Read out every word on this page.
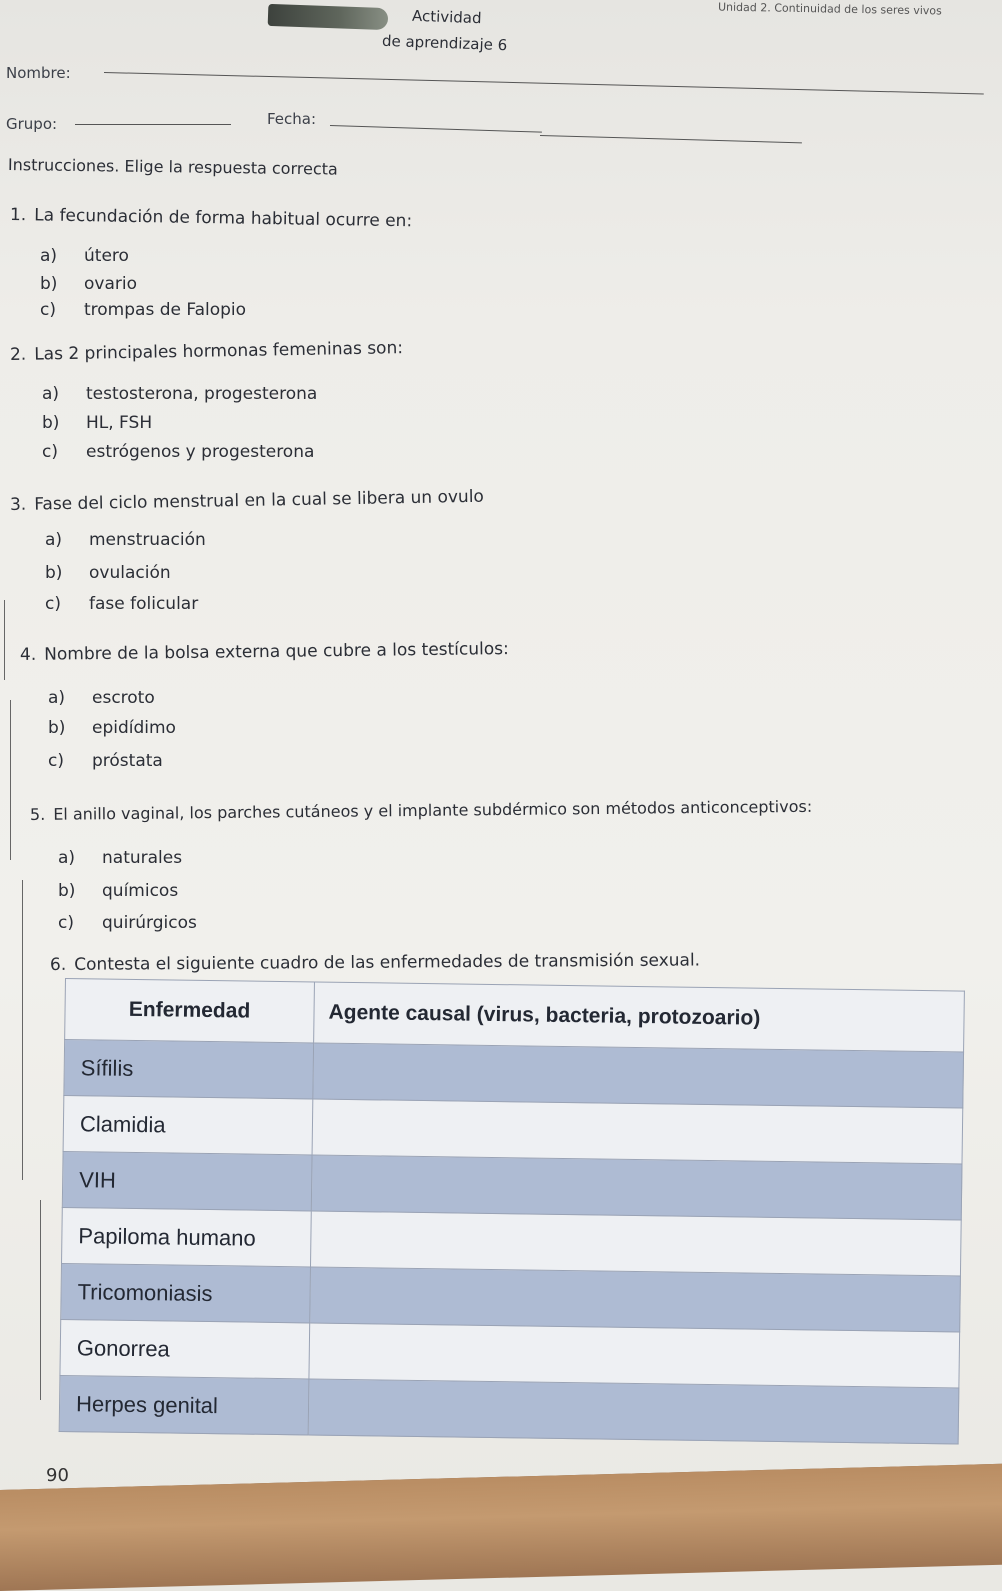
Unidad 2. Continuidad de los seres vivos
Actividad
de aprendizaje 6
Nombre:
Grupo:	Fecha:
Instrucciones. Elige la respuesta correcta
1. La fecundación de forma habitual ocurre en:
a) útero
b) ovario
c) trompas de Falopio
2. Las 2 principales hormonas femeninas son:
a) testosterona, progesterona
b) HL, FSH
c) estrógenos y progesterona
3. Fase del ciclo menstrual en la cual se libera un ovulo
a) menstruación
b) ovulación
c) fase folicular
4. Nombre de la bolsa externa que cubre a los testículos:
a) escroto
b) epidídimo
c) próstata
5. El anillo vaginal, los parches cutáneos y el implante subdérmico son métodos anticonceptivos:
a) naturales
b) químicos
c) quirúrgicos
6. Contesta el siguiente cuadro de las enfermedades de transmisión sexual.
Enfermedad	Agente causal (virus, bacteria, protozoario)
Sífilis	
Clamidia	
VIH	
Papiloma humano	
Tricomoniasis	
Gonorrea	
Herpes genital	
90
